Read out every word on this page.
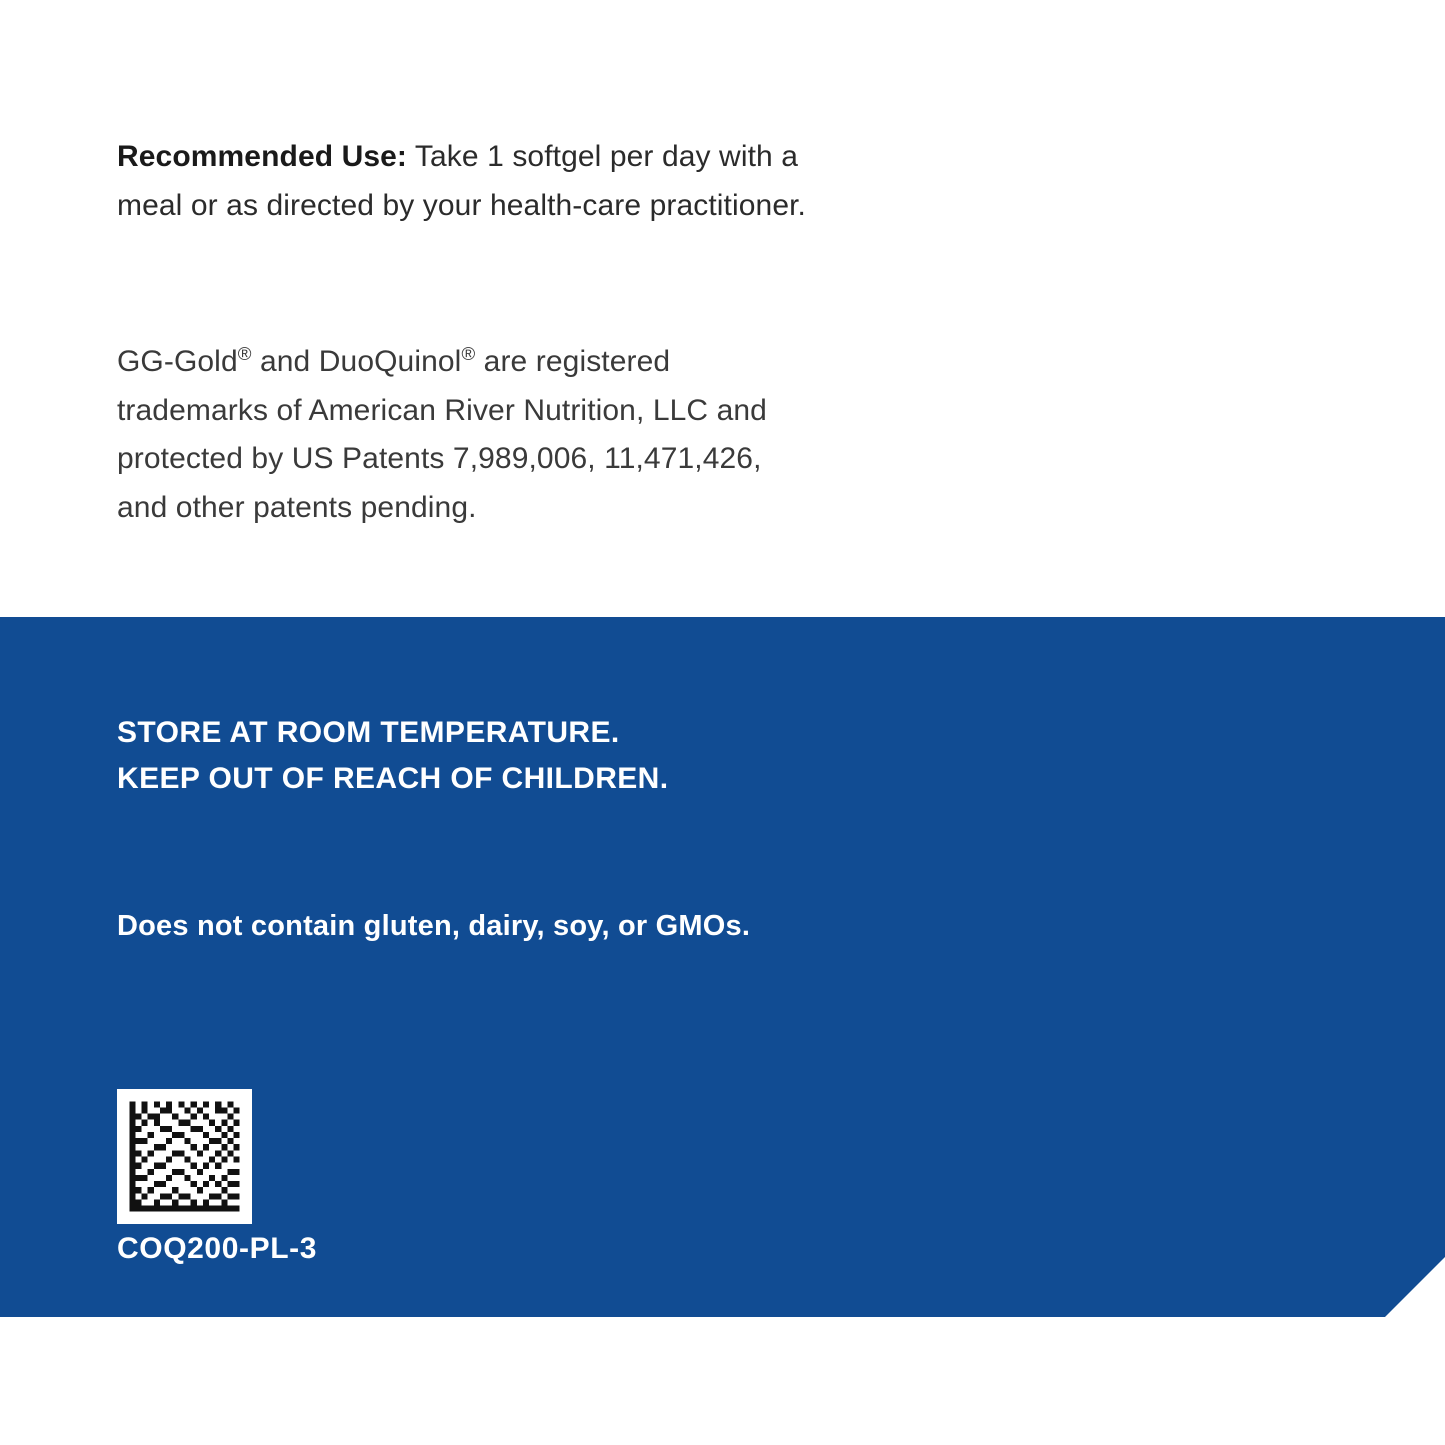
Recommended Use: Take 1 softgel per day with a meal or as directed by your health-care practitioner.

GG-Gold® and DuoQuinol® are registered trademarks of American River Nutrition, LLC and protected by US Patents 7,989,006, 11,471,426, and other patents pending.

STORE AT ROOM TEMPERATURE.
KEEP OUT OF REACH OF CHILDREN.
Does not contain gluten, dairy, soy, or GMOs.
COQ200-PL-3
